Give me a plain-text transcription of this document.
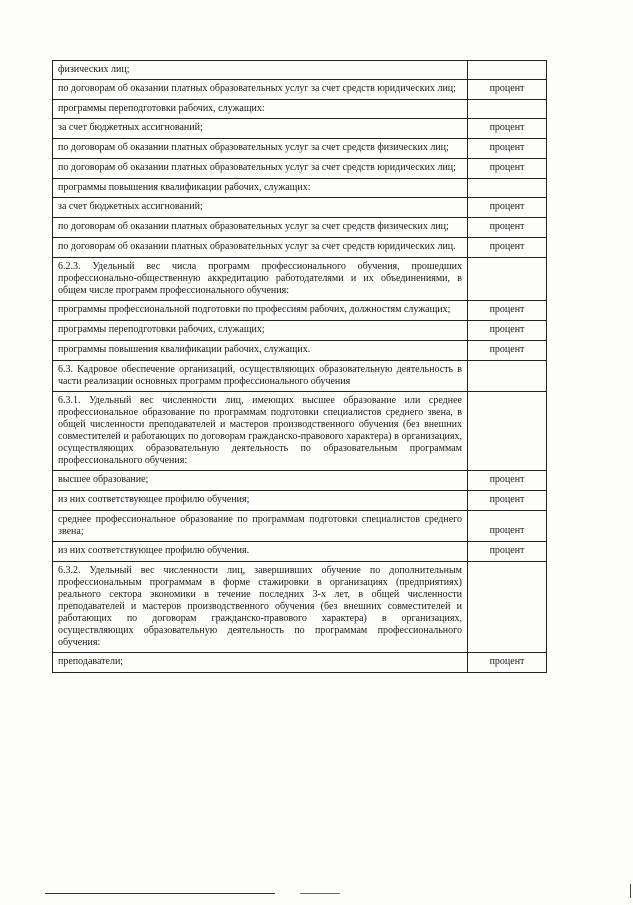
физических лиц;	
по договорам об оказании платных образовательных услуг за счет средств юридических лиц;	процент
программы переподготовки рабочих, служащих:	
за счет бюджетных ассигнований;	процент
по договорам об оказании платных образовательных услуг за счет средств физических лиц;	процент
по договорам об оказании платных образовательных услуг за счет средств юридических лиц;	процент
программы повышения квалификации рабочих, служащих:	
за счет бюджетных ассигнований;	процент
по договорам об оказании платных образовательных услуг за счет средств физических лиц;	процент
по договорам об оказании платных образовательных услуг за счет средств юридических лиц.	процент
6.2.3. Удельный вес числа программ профессионального обучения, прошедших профессионально-общественную аккредитацию работодателями и их объединениями, в общем числе программ профессионального обучения:	
программы профессиональной подготовки по профессиям рабочих, должностям служащих;	процент
программы переподготовки рабочих, служащих;	процент
программы повышения квалификации рабочих, служащих.	процент
6.3. Кадровое обеспечение организаций, осуществляющих образовательную деятельность в части реализации основных программ профессионального обучения	
6.3.1. Удельный вес численности лиц, имеющих высшее образование или среднее профессиональное образование по программам подготовки специалистов среднего звена, в общей численности преподавателей и мастеров производственного обучения (без внешних совместителей и работающих по договорам гражданско-правового характера) в организациях, осуществляющих образовательную деятельность по образовательным программам профессионального обучения:	
высшее образование;	процент
из них соответствующее профилю обучения;	процент
среднее профессиональное образование по программам подготовки специалистов среднего звена;	процент
из них соответствующее профилю обучения.	процент
6.3.2. Удельный вес численности лиц, завершивших обучение по дополнительным профессиональным программам в форме стажировки в организациях (предприятиях) реального сектора экономики в течение последних 3-х лет, в общей численности преподавателей и мастеров производственного обучения (без внешних совместителей и работающих по договорам гражданско-правового характера) в организациях, осуществляющих образовательную деятельность по программам профессионального обучения:	
преподаватели;	процент
